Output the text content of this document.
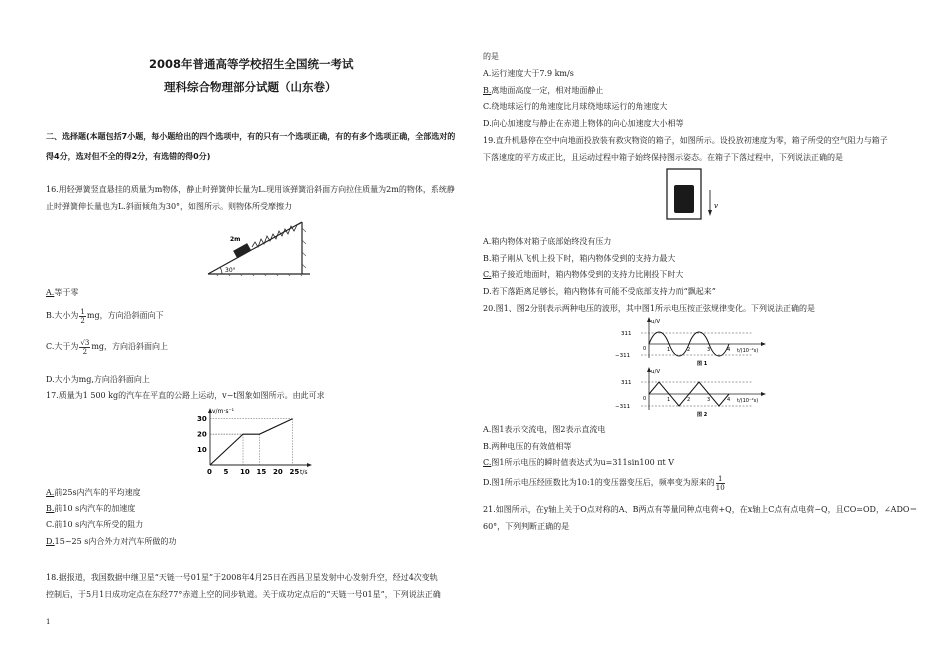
2008年普通高等学校招生全国统一考试
理科综合物理部分试题（山东卷）
二、选择题(本题包括7小题，每小题给出的四个选项中，有的只有一个选项正确，有的有多个选项正确，全部选对的
得4分，选对但不全的得2分，有选错的得0分)
16.用轻弹簧竖直悬挂的质量为m物体，静止时弹簧伸长量为L.现用该弹簧沿斜面方向拉住质量为2m的物体，系统静
止时弹簧伸长量也为L.斜面倾角为30°，如图所示。则物体所受摩擦力
30°
2m
A.等于零
B.大小为 $\frac{1}{2}$ mg，方向沿斜面向下
C.大于为 $\frac{√3}{2}$ mg，方向沿斜面向上
D.大小为mg,方向沿斜面向上
17.质量为1 500 kg的汽车在平直的公路上运动，v−t图象如图所示。由此可求
v/m·s⁻¹
t/s
0 5 10 15 20 25
10
20
30
A.前25s内汽车的平均速度
B.前10 s内汽车的加速度
C.前10 s内汽车所受的阻力
D.15~25 s内合外力对汽车所做的功
18.据报道，我国数据中继卫星“天链一号01星”于2008年4月25日在西昌卫星发射中心发射升空，经过4次变轨
控制后，于5月1日成功定点在东经77°赤道上空的同步轨道。关于成功定点后的“天链一号01星”，下列说法正确
1
的是
A.运行速度大于7.9 km/s
B.离地面高度一定，相对地面静止
C.绕地球运行的角速度比月球绕地球运行的角速度大
D.向心加速度与静止在赤道上物体的向心加速度大小相等
19.直升机悬停在空中向地面投放装有救灾物资的箱子，如图所示。设投放初速度为零，箱子所受的空气阻力与箱子
下落速度的平方成正比，且运动过程中箱子始终保持图示姿态。在箱子下落过程中，下列说法正确的是
v
A.箱内物体对箱子底部始终没有压力
B.箱子刚从飞机上投下时，箱内物体受到的支持力最大
C.箱子接近地面时，箱内物体受到的支持力比刚投下时大
D.若下落距离足够长，箱内物体有可能不受底部支持力而“飘起来”
20.图1、图2分别表示两种电压的波形，其中图1所示电压按正弦规律变化。下列说法正确的是
u/V
311
−311
0	1	2	3	4 t/(10⁻²s)
图 1
u/V
311
−311
0	1	2	3	4 t/(10⁻²s)
图 2
A.图1表示交流电，图2表示直流电
B.两种电压的有效值相等
C.图1所示电压的瞬时值表达式为u=311sin100 πt V
D.图1所示电压经匝数比为10:1的变压器变压后，频率变为原来的 $\frac{1}{10}$
21.如图所示，在y轴上关于O点对称的A、B两点有等量同种点电荷+Q，在x轴上C点有点电荷−Q，且CO=OD，∠ADO＝
60°，下列判断正确的是
